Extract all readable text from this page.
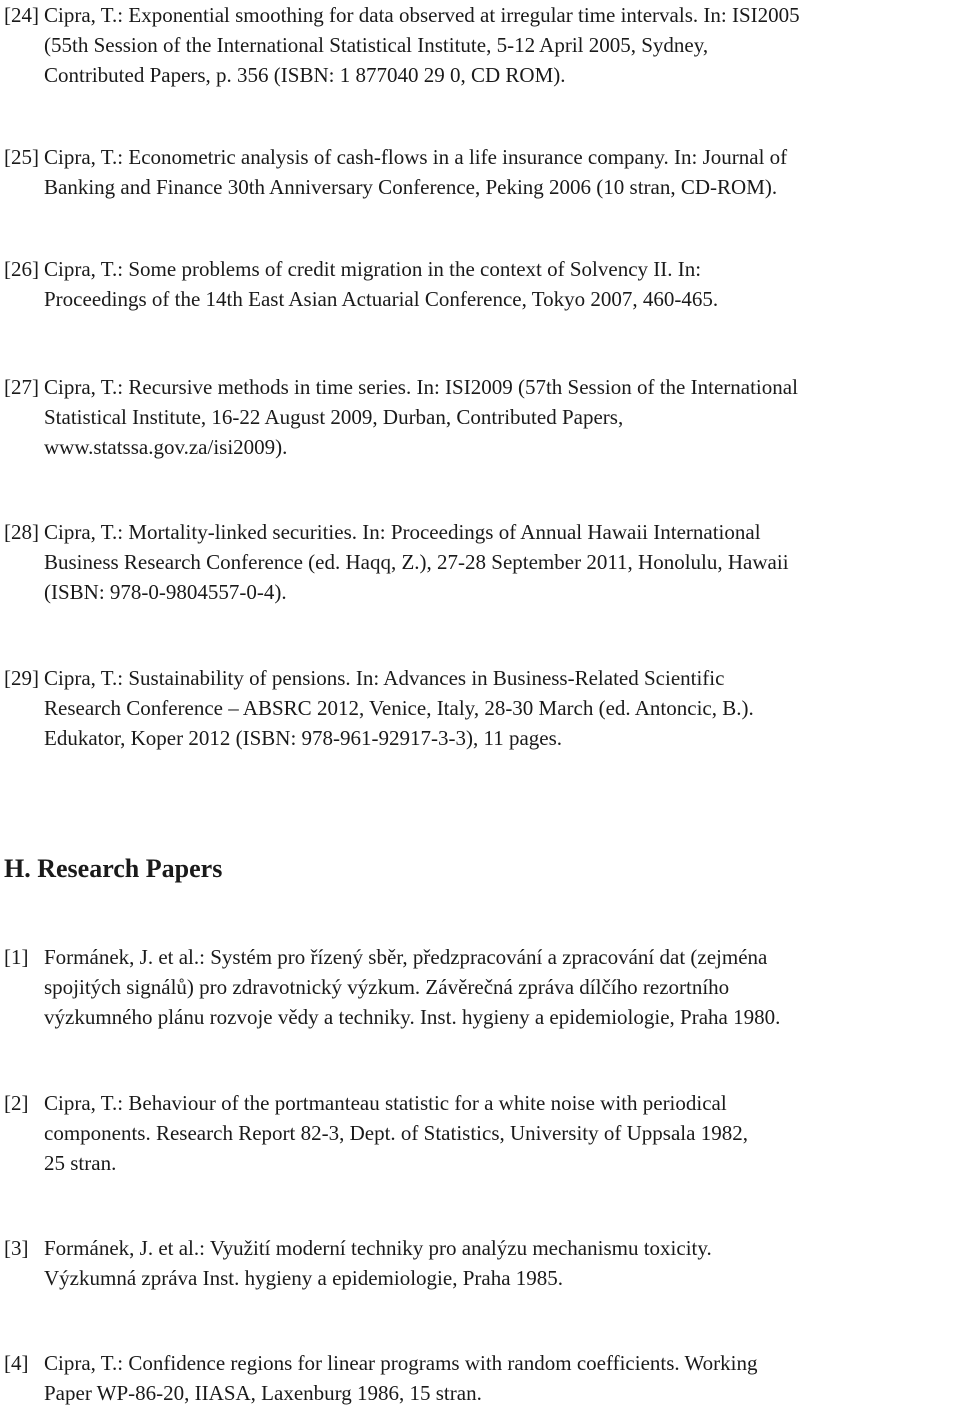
[24] Cipra, T.: Exponential smoothing for data observed at irregular time intervals. In: ISI2005
(55th Session of the International Statistical Institute, 5-12 April 2005, Sydney,
Contributed Papers, p. 356 (ISBN: 1 877040 29 0, CD ROM).
[25] Cipra, T.: Econometric analysis of cash-flows in a life insurance company. In: Journal of
Banking and Finance 30th Anniversary Conference, Peking 2006 (10 stran, CD-ROM).
[26] Cipra, T.: Some problems of credit migration in the context of Solvency II. In:
Proceedings of the 14th East Asian Actuarial Conference, Tokyo 2007, 460-465.
[27] Cipra, T.: Recursive methods in time series. In: ISI2009 (57th Session of the International
Statistical Institute, 16-22 August 2009, Durban, Contributed Papers,
www.statssa.gov.za/isi2009).
[28] Cipra, T.: Mortality-linked securities. In: Proceedings of Annual Hawaii International
Business Research Conference (ed. Haqq, Z.), 27-28 September 2011, Honolulu, Hawaii
(ISBN: 978-0-9804557-0-4).
[29] Cipra, T.: Sustainability of pensions. In: Advances in Business-Related Scientific
Research Conference – ABSRC 2012, Venice, Italy, 28-30 March (ed. Antoncic, B.).
Edukator, Koper 2012 (ISBN: 978-961-92917-3-3), 11 pages.
H. Research Papers
[1] Formánek, J. et al.: Systém pro řízený sběr, předzpracování a zpracování dat (zejména
spojitých signálů) pro zdravotnický výzkum. Závěrečná zpráva dílčího rezortního
výzkumného plánu rozvoje vědy a techniky. Inst. hygieny a epidemiologie, Praha 1980.
[2] Cipra, T.: Behaviour of the portmanteau statistic for a white noise with periodical
components. Research Report 82-3, Dept. of Statistics, University of Uppsala 1982,
25 stran.
[3] Formánek, J. et al.: Využití moderní techniky pro analýzu mechanismu toxicity.
Výzkumná zpráva Inst. hygieny a epidemiologie, Praha 1985.
[4] Cipra, T.: Confidence regions for linear programs with random coefficients. Working
Paper WP-86-20, IIASA, Laxenburg 1986, 15 stran.
